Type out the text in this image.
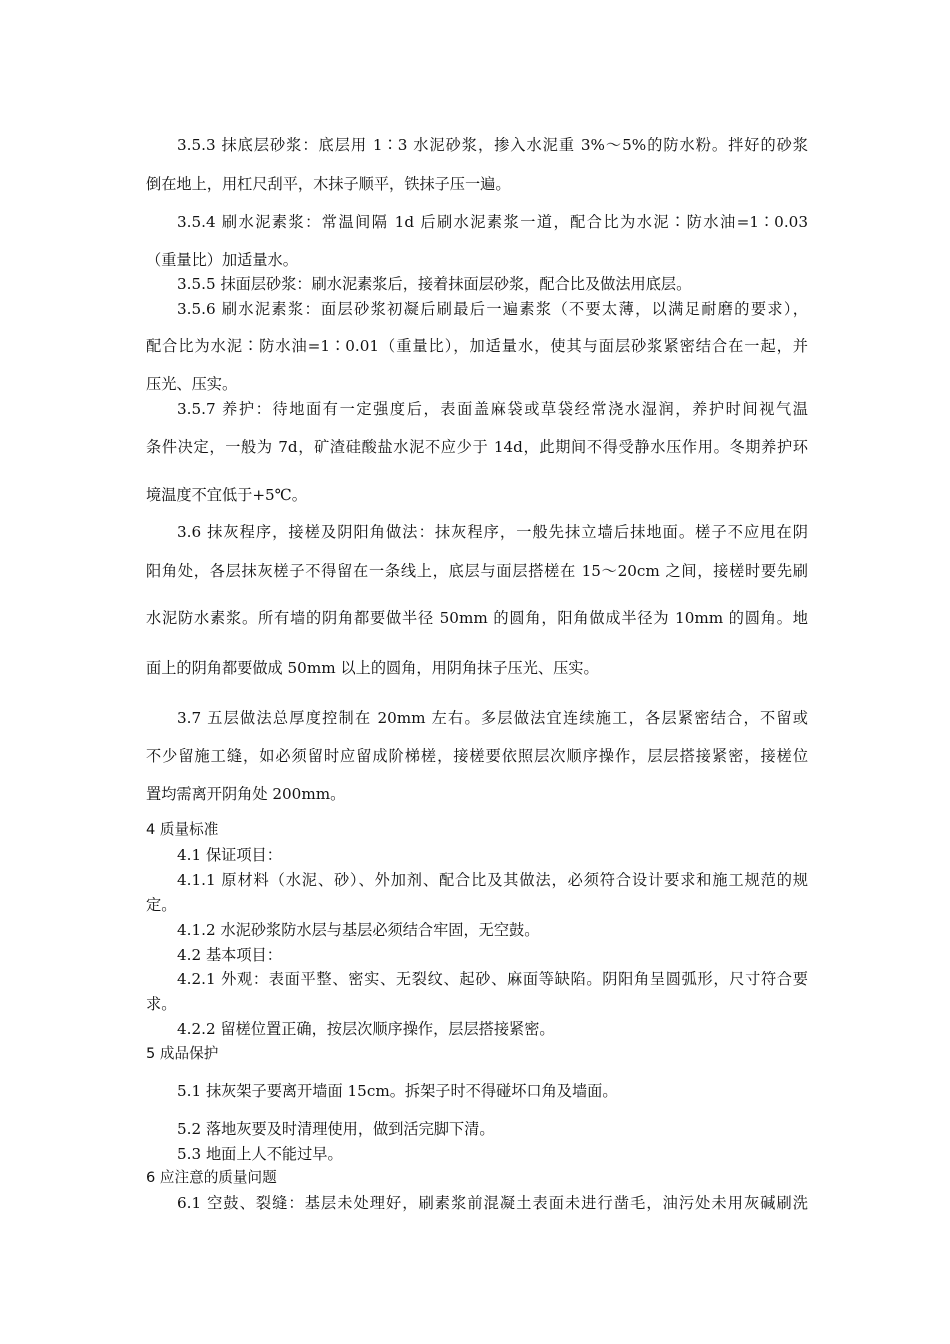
3.5.3 抹底层砂浆：底层用 1∶3 水泥砂浆，掺入水泥重 3%～5%的防水粉。拌好的砂浆
倒在地上，用杠尺刮平，木抹子顺平，铁抹子压一遍。
3.5.4 刷水泥素浆：常温间隔 1d 后刷水泥素浆一道，配合比为水泥∶防水油=1∶0.03
（重量比）加适量水。
3.5.5 抹面层砂浆：刷水泥素浆后，接着抹面层砂浆，配合比及做法用底层。
3.5.6 刷水泥素浆：面层砂浆初凝后刷最后一遍素浆（不要太薄，以满足耐磨的要求），
配合比为水泥∶防水油=1∶0.01（重量比），加适量水，使其与面层砂浆紧密结合在一起，并
压光、压实。
3.5.7 养护：待地面有一定强度后，表面盖麻袋或草袋经常浇水湿润，养护时间视气温
条件决定，一般为 7d，矿渣硅酸盐水泥不应少于 14d，此期间不得受静水压作用。冬期养护环
境温度不宜低于+5℃。
3.6 抹灰程序，接槎及阴阳角做法：抹灰程序，一般先抹立墙后抹地面。槎子不应甩在阴
阳角处，各层抹灰槎子不得留在一条线上，底层与面层搭槎在 15～20cm 之间，接槎时要先刷
水泥防水素浆。所有墙的阴角都要做半径 50mm 的圆角，阳角做成半径为 10mm 的圆角。地
面上的阴角都要做成 50mm 以上的圆角，用阴角抹子压光、压实。
3.7 五层做法总厚度控制在 20mm 左右。多层做法宜连续施工，各层紧密结合，不留或
不少留施工缝，如必须留时应留成阶梯槎，接槎要依照层次顺序操作，层层搭接紧密，接槎位
置均需离开阴角处 200mm。
4 质量标准
4.1 保证项目：
4.1.1 原材料（水泥、砂）、外加剂、配合比及其做法，必须符合设计要求和施工规范的规
定。
4.1.2 水泥砂浆防水层与基层必须结合牢固，无空鼓。
4.2 基本项目：
4.2.1 外观：表面平整、密实、无裂纹、起砂、麻面等缺陷。阴阳角呈圆弧形，尺寸符合要
求。
4.2.2 留槎位置正确，按层次顺序操作，层层搭接紧密。
5 成品保护
5.1 抹灰架子要离开墙面 15cm。拆架子时不得碰坏口角及墙面。
5.2 落地灰要及时清理使用，做到活完脚下清。
5.3 地面上人不能过早。
6 应注意的质量问题
6.1 空鼓、裂缝：基层未处理好，刷素浆前混凝土表面未进行凿毛，油污处未用灰碱刷洗
